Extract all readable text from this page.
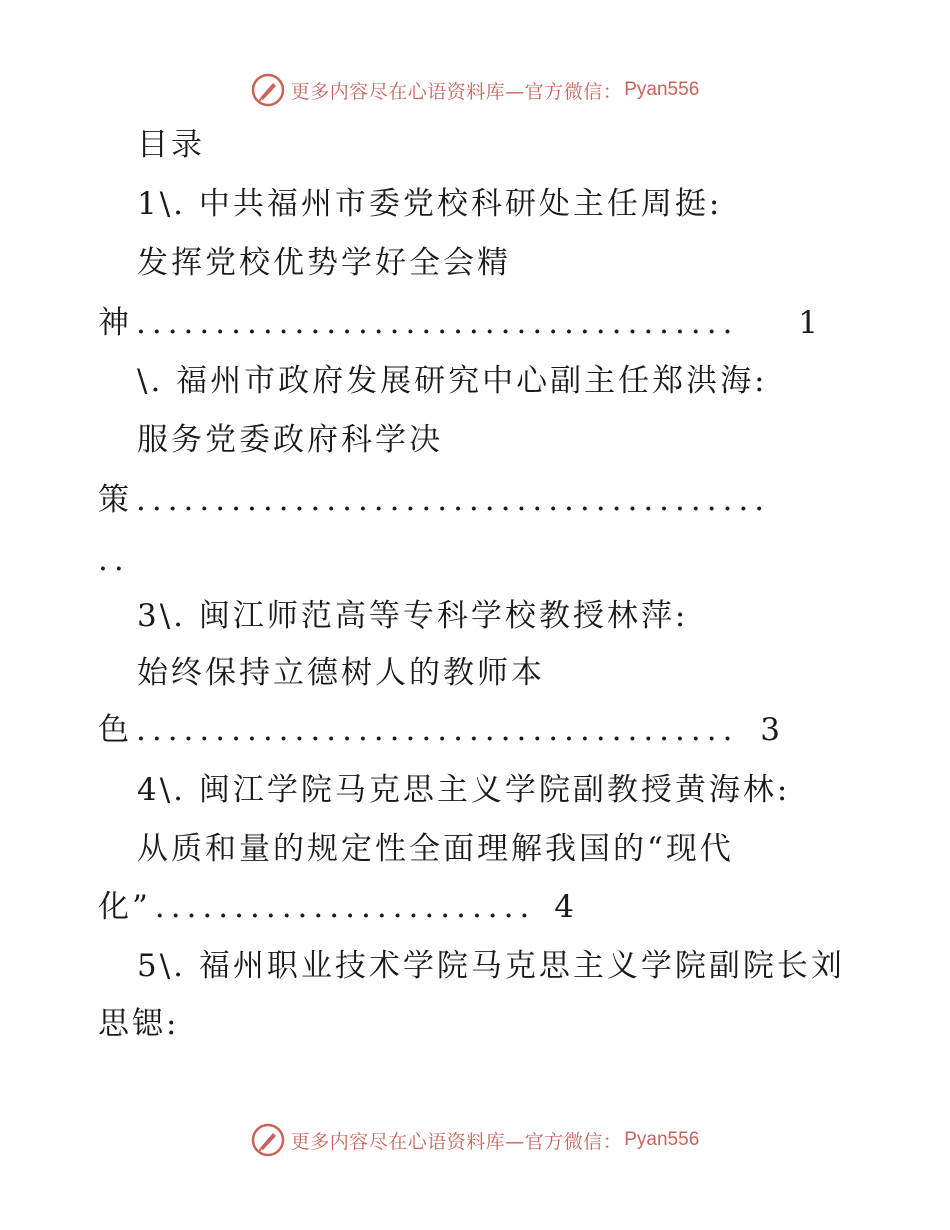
更多内容尽在心语资料库—官方微信： Pyan556
目录
1\. 中共福州市委党校科研处主任周挺:
发挥党校优势学好全会精
神 ......................................	1
\. 福州市政府发展研究中心副主任郑洪海:
服务党委政府科学决
策 ........................................
..
3\. 闽江师范高等专科学校教授林萍:
始终保持立德树人的教师本
色 ...................................... 3
4\. 闽江学院马克思主义学院副教授黄海林:
从质和量的规定性全面理解我国的“现代
化” ........................ 4
5\. 福州职业技术学院马克思主义学院副院长刘
思锶:
更多内容尽在心语资料库—官方微信： Pyan556
